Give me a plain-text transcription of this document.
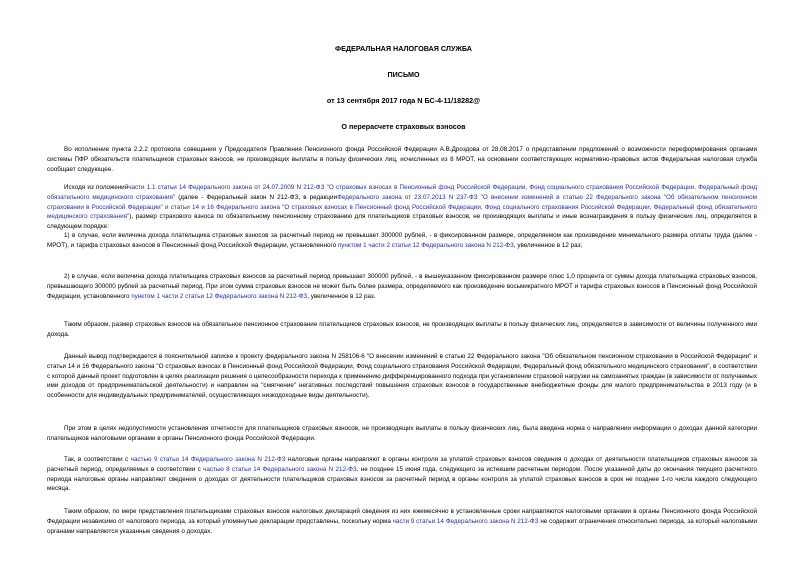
ФЕДЕРАЛЬНАЯ НАЛОГОВАЯ СЛУЖБА

ПИСЬМО

от 13 сентября 2017 года N БС-4-11/18282@

О перерасчете страховых взносов

Во исполнение пункта 2.2.2 протокола совещания у Председателя Правления Пенсионного фонда Российской Федерации А.В.Дроздова от 28.08.2017 о представлении предложений о возможности переформирования органами системы ПФР обязательств плательщиков страховых взносов, не производящих выплаты в пользу физических лиц, исчисленных из 8 МРОТ, на основании соответствующих нормативно-правовых актов Федеральная налоговая служба сообщает следующее.

Исходя из положенийчасти 1.1 статьи 14 Федерального закона от 24.07.2009 N 212-ФЗ "О страховых взносах в Пенсионный фонд Российской Федерации, Фонд социального страхования Российской Федерации, Федеральный фонд обязательного медицинского страхования" (далее - Федеральный закон N 212-ФЗ, в редакцииФедерального закона от 23.07.2013 N 237-ФЗ "О внесении изменений в статью 22 Федерального закона "Об обязательном пенсионном страховании в Российской Федерации" и статьи 14 и 16 Федерального закона "О страховых взносах в Пенсионный фонд Российской Федерации, Фонд социального страхования Российской Федерации, Федеральный фонд обязательного медицинского страхования"), размер страхового взноса по обязательному пенсионному страхованию для плательщиков страховых взносов, не производящих выплаты и иные вознаграждения в пользу физических лиц, определяется в следующем порядке:

1) в случае, если величина дохода плательщика страховых взносов за расчетный период не превышает 300000 рублей, - в фиксированном размере, определяемом как произведение минимального размера оплаты труда (далее - МРОТ), и тарифа страховых взносов в Пенсионный фонд Российской Федерации, установленного пунктом 1 части 2 статьи 12 Федерального закона N 212-ФЗ, увеличенное в 12 раз;

2) в случае, если величина дохода плательщика страховых взносов за расчетный период превышает 300000 рублей, - в вышеуказанном фиксированном размере плюс 1,0 процента от суммы дохода плательщика страховых взносов, превышающего 300000 рублей за расчетный период. При этом сумма страховых взносов не может быть более размера, определяемого как произведение восьмикратного МРОТ и тарифа страховых взносов в Пенсионный фонд Российской Федерации, установленного пунктом 1 части 2 статьи 12 Федерального закона N 212-ФЗ, увеличенное в 12 раз.

Таким образом, размер страховых взносов на обязательное пенсионное страхование плательщиков страховых взносов, не производящих выплаты в пользу физических лиц, определяется в зависимости от величины полученного ими дохода.

Данный вывод подтверждается в пояснительной записке к проекту федерального закона N 258106-6 "О внесении изменений в статью 22 Федерального закона "Об обязательном пенсионном страховании в Российской Федерации" и статьи 14 и 16 Федерального закона "О страховых взносах в Пенсионный фонд Российской Федерации, Фонд социального страхования Российской Федерации, Федеральный фонд обязательного медицинского страхования", в соответствии с которой данный проект подготовлен в целях реализации решения о целесообразности перехода к применению дифференцированного подхода при установлении страховой нагрузки на самозанятых граждан (в зависимости от получаемых ими доходов от предпринимательской деятельности) и направлен на "смягчение" негативных последствий повышения страховых взносов в государственные внебюджетные фонды для малого предпринимательства в 2013 году (и в особенности для индивидуальных предпринимателей, осуществляющих низкодоходные виды деятельности).

При этом в целях недопустимости установления отчетности для плательщиков страховых взносов, не производящих выплаты в пользу физических лиц, была введена норма о направлении информации о доходах данной категории плательщиков налоговыми органами в органы Пенсионного фонда Российской Федерации.

Так, в соответствии с частью 9 статьи 14 Федерального закона N 212-ФЗ налоговые органы направляют в органы контроля за уплатой страховых взносов сведения о доходах от деятельности плательщиков страховых взносов за расчетный период, определяемых в соответствии с частью 8 статьи 14 Федерального закона N 212-ФЗ, не позднее 15 июня года, следующего за истекшим расчетным периодом. После указанной даты до окончания текущего расчетного периода налоговые органы направляют сведения о доходах от деятельности плательщиков страховых взносов за расчетный период в органы контроля за уплатой страховых взносов в срок не позднее 1-го числа каждого следующего месяца.

Таким образом, по мере представления плательщиками страховых взносов налоговых деклараций сведения из них ежемесячно в установленные сроки направляются налоговыми органами в органы Пенсионного фонда Российской Федерации независимо от налогового периода, за который упомянутые декларации представлены, поскольку норма части 9 статьи 14 Федерального закона N 212-ФЗ не содержит ограничения относительно периода, за который налоговыми органами направляются указанные сведения о доходах.
